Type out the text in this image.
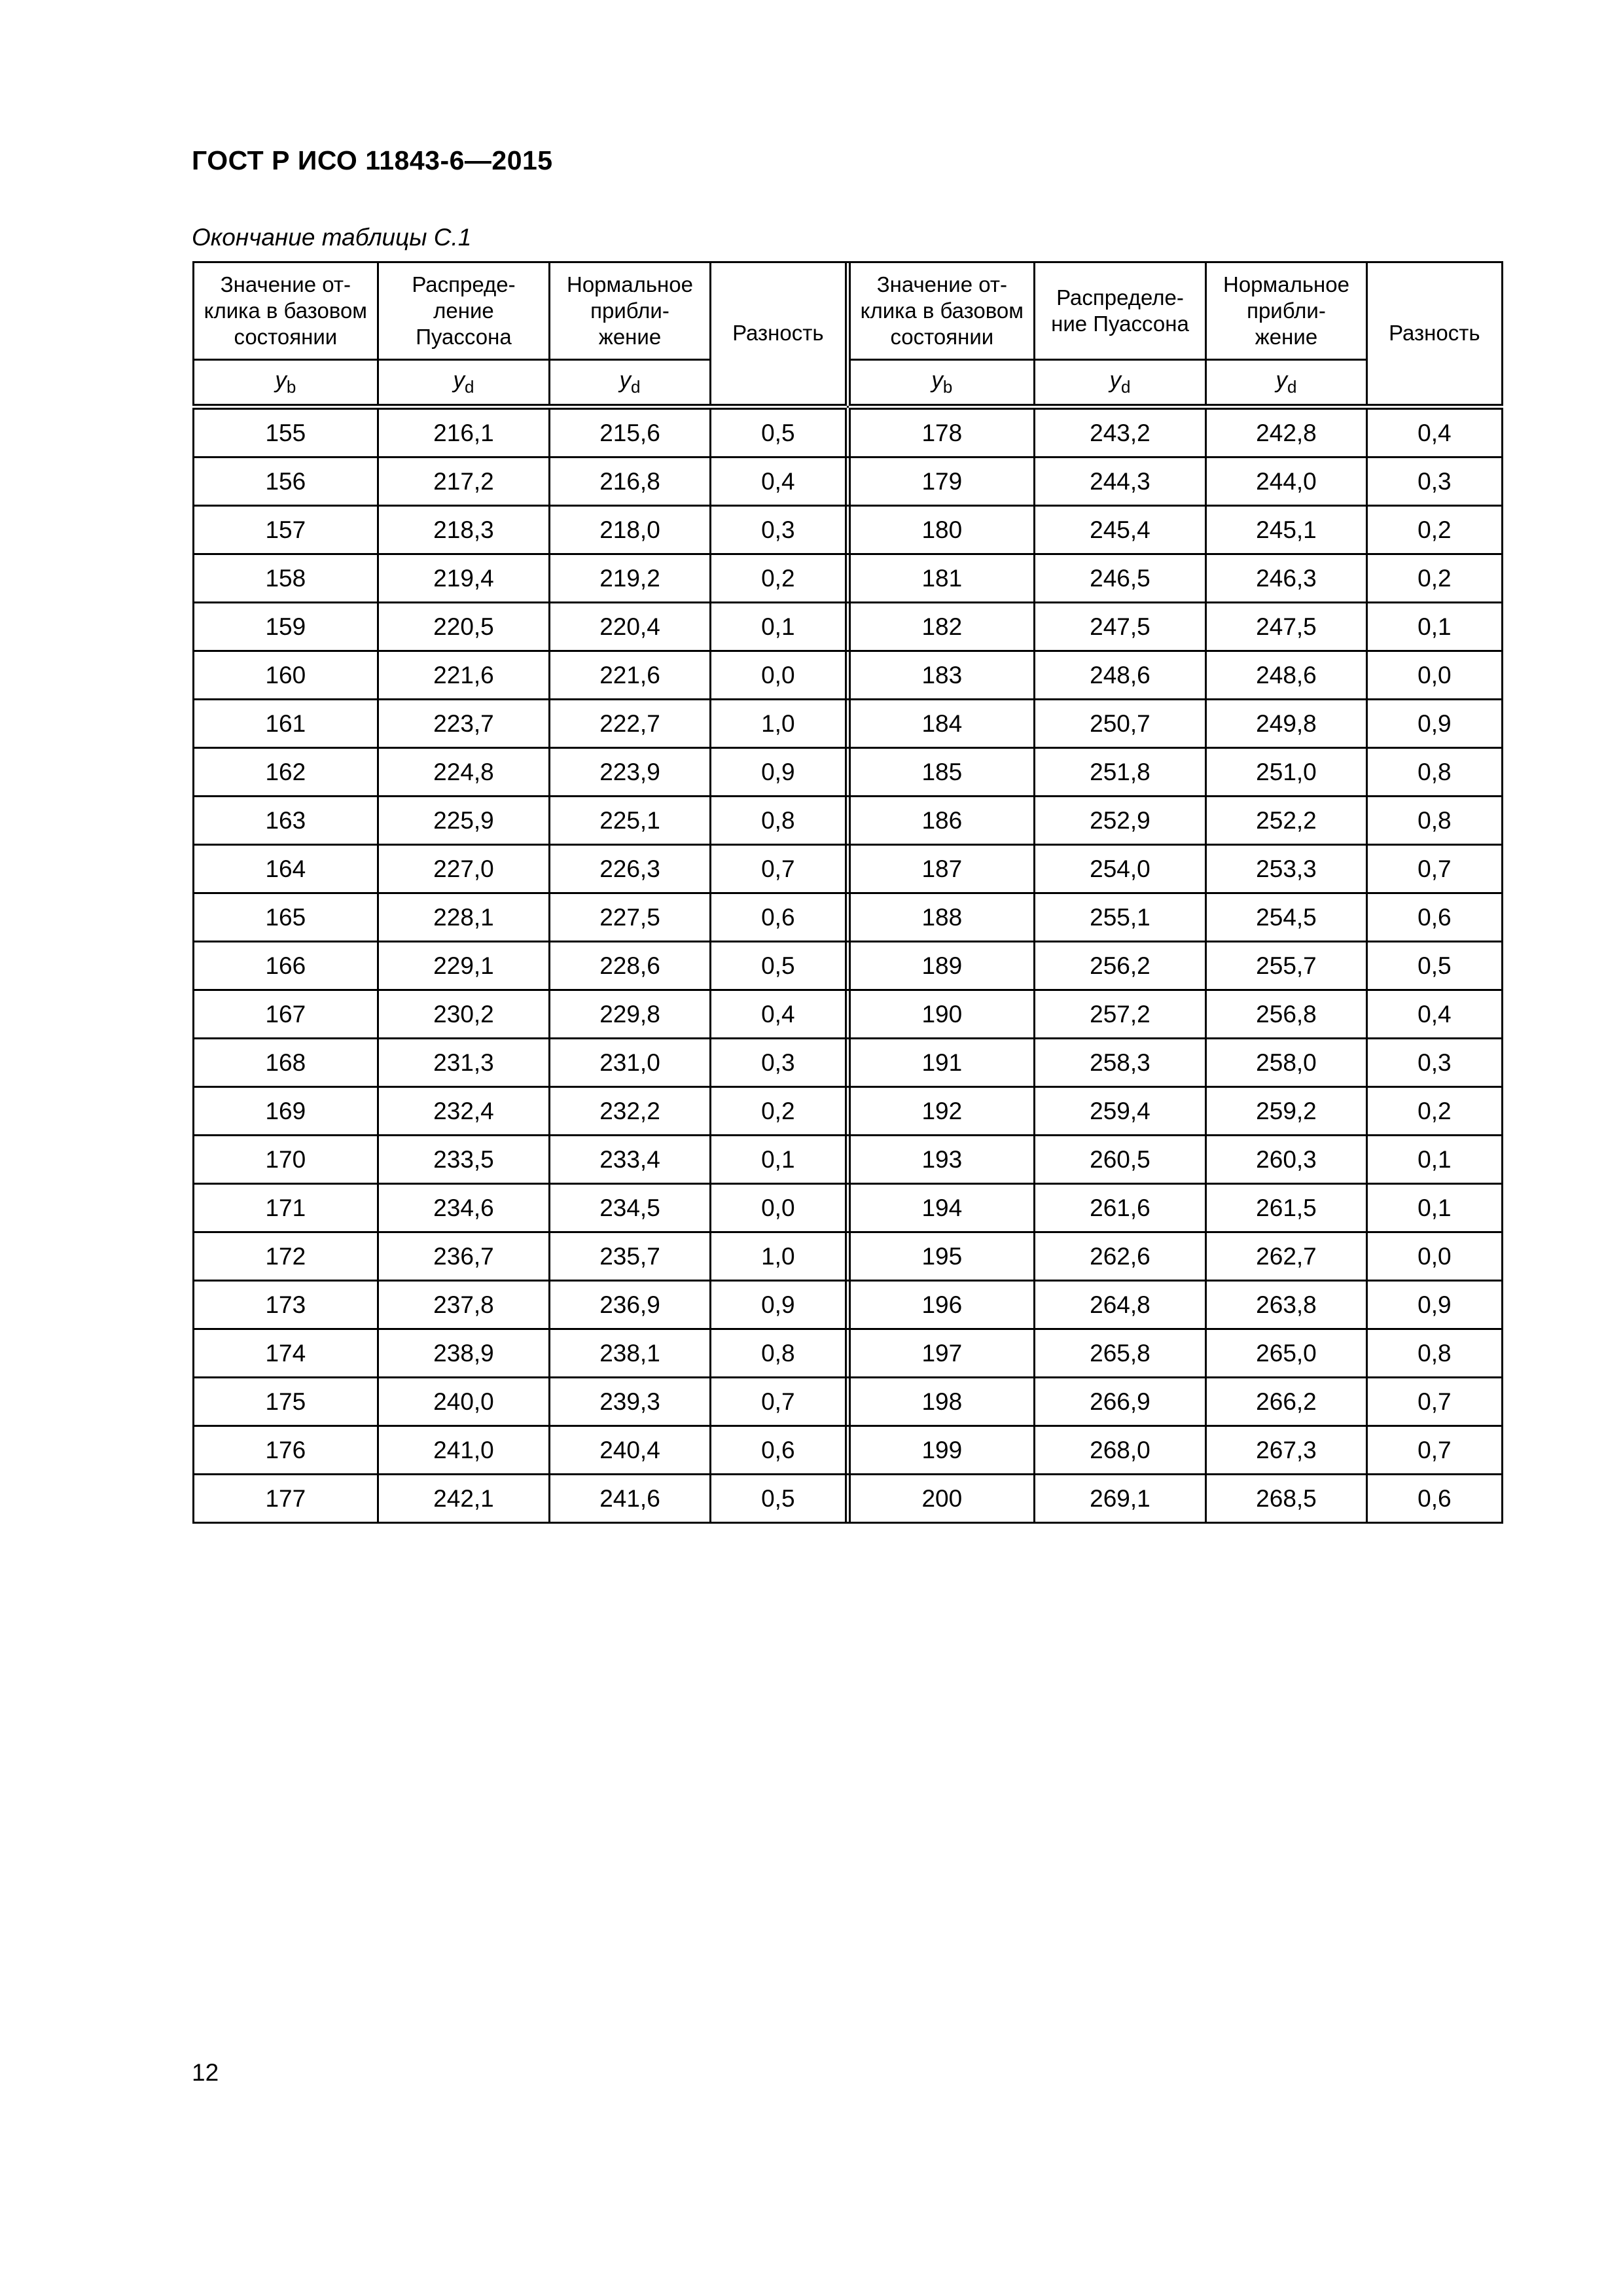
ГОСТ Р ИСО 11843-6—2015
Окончание таблицы С.1
Значение от-
клика в базовом
состоянии	Распреде-
ление
Пуассона	Нормальное
прибли-
жение	Разность		Значение от-
клика в базовом
состоянии	Распределе-
ние Пуассона	Нормальное
прибли-
жение	Разность
$y_b$	$y_d$	$y_d$			$y_b$	$y_d$	$y_d$
155	216,1	215,6	0,5		178	243,2	242,8	0,4
156	217,2	216,8	0,4		179	244,3	244,0	0,3
157	218,3	218,0	0,3		180	245,4	245,1	0,2
158	219,4	219,2	0,2		181	246,5	246,3	0,2
159	220,5	220,4	0,1		182	247,5	247,5	0,1
160	221,6	221,6	0,0		183	248,6	248,6	0,0
161	223,7	222,7	1,0		184	250,7	249,8	0,9
162	224,8	223,9	0,9		185	251,8	251,0	0,8
163	225,9	225,1	0,8		186	252,9	252,2	0,8
164	227,0	226,3	0,7		187	254,0	253,3	0,7
165	228,1	227,5	0,6		188	255,1	254,5	0,6
166	229,1	228,6	0,5		189	256,2	255,7	0,5
167	230,2	229,8	0,4		190	257,2	256,8	0,4
168	231,3	231,0	0,3		191	258,3	258,0	0,3
169	232,4	232,2	0,2		192	259,4	259,2	0,2
170	233,5	233,4	0,1		193	260,5	260,3	0,1
171	234,6	234,5	0,0		194	261,6	261,5	0,1
172	236,7	235,7	1,0		195	262,6	262,7	0,0
173	237,8	236,9	0,9		196	264,8	263,8	0,9
174	238,9	238,1	0,8		197	265,8	265,0	0,8
175	240,0	239,3	0,7		198	266,9	266,2	0,7
176	241,0	240,4	0,6		199	268,0	267,3	0,7
177	242,1	241,6	0,5		200	269,1	268,5	0,6
12
